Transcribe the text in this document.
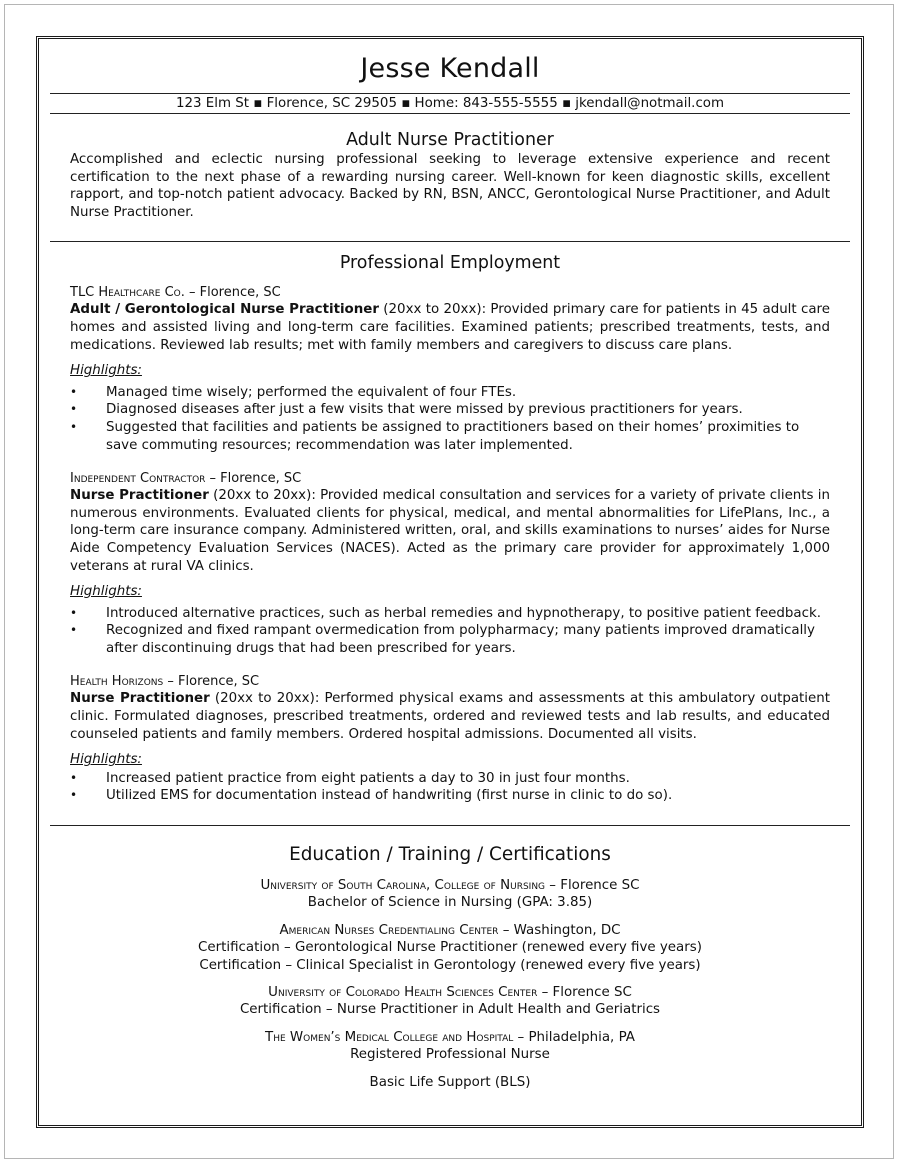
Jesse Kendall
123 Elm St ▪ Florence, SC 29505 ▪ Home: 843-555-5555 ▪ jkendall@notmail.com
Adult Nurse Practitioner

Accomplished and eclectic nursing professional seeking to leverage extensive experience and recent certification to the next phase of a rewarding nursing career. Well-known for keen diagnostic skills, excellent rapport, and top-notch patient advocacy. Backed by RN, BSN, ANCC, Gerontological Nurse Practitioner, and Adult Nurse Practitioner.

Professional Employment
TLC Healthcare Co. – Florence, SC

Adult / Gerontological Nurse Practitioner (20xx to 20xx): Provided primary care for patients in 45 adult care homes and assisted living and long-term care facilities. Examined patients; prescribed treatments, tests, and medications. Reviewed lab results; met with family members and caregivers to discuss care plans.

Highlights:
• Managed time wisely; performed the equivalent of four FTEs.
• Diagnosed diseases after just a few visits that were missed by previous practitioners for years.
• Suggested that facilities and patients be assigned to practitioners based on their homes’ proximities to save commuting resources; recommendation was later implemented.
Independent Contractor – Florence, SC

Nurse Practitioner (20xx to 20xx): Provided medical consultation and services for a variety of private clients in numerous environments. Evaluated clients for physical, medical, and mental abnormalities for LifePlans, Inc., a long-term care insurance company. Administered written, oral, and skills examinations to nurses’ aides for Nurse Aide Competency Evaluation Services (NACES). Acted as the primary care provider for approximately 1,000 veterans at rural VA clinics.

Highlights:
• Introduced alternative practices, such as herbal remedies and hypnotherapy, to positive patient feedback.
• Recognized and fixed rampant overmedication from polypharmacy; many patients improved dramatically after discontinuing drugs that had been prescribed for years.
Health Horizons – Florence, SC

Nurse Practitioner (20xx to 20xx): Performed physical exams and assessments at this ambulatory outpatient clinic. Formulated diagnoses, prescribed treatments, ordered and reviewed tests and lab results, and educated counseled patients and family members. Ordered hospital admissions. Documented all visits.

Highlights:
• Increased patient practice from eight patients a day to 30 in just four months.
• Utilized EMS for documentation instead of handwriting (first nurse in clinic to do so).
Education / Training / Certifications
University of South Carolina, College of Nursing – Florence SC
Bachelor of Science in Nursing (GPA: 3.85)
American Nurses Credentialing Center – Washington, DC
Certification – Gerontological Nurse Practitioner (renewed every five years)
Certification – Clinical Specialist in Gerontology (renewed every five years)
University of Colorado Health Sciences Center – Florence SC
Certification – Nurse Practitioner in Adult Health and Geriatrics
The Women’s Medical College and Hospital – Philadelphia, PA
Registered Professional Nurse
Basic Life Support (BLS)
